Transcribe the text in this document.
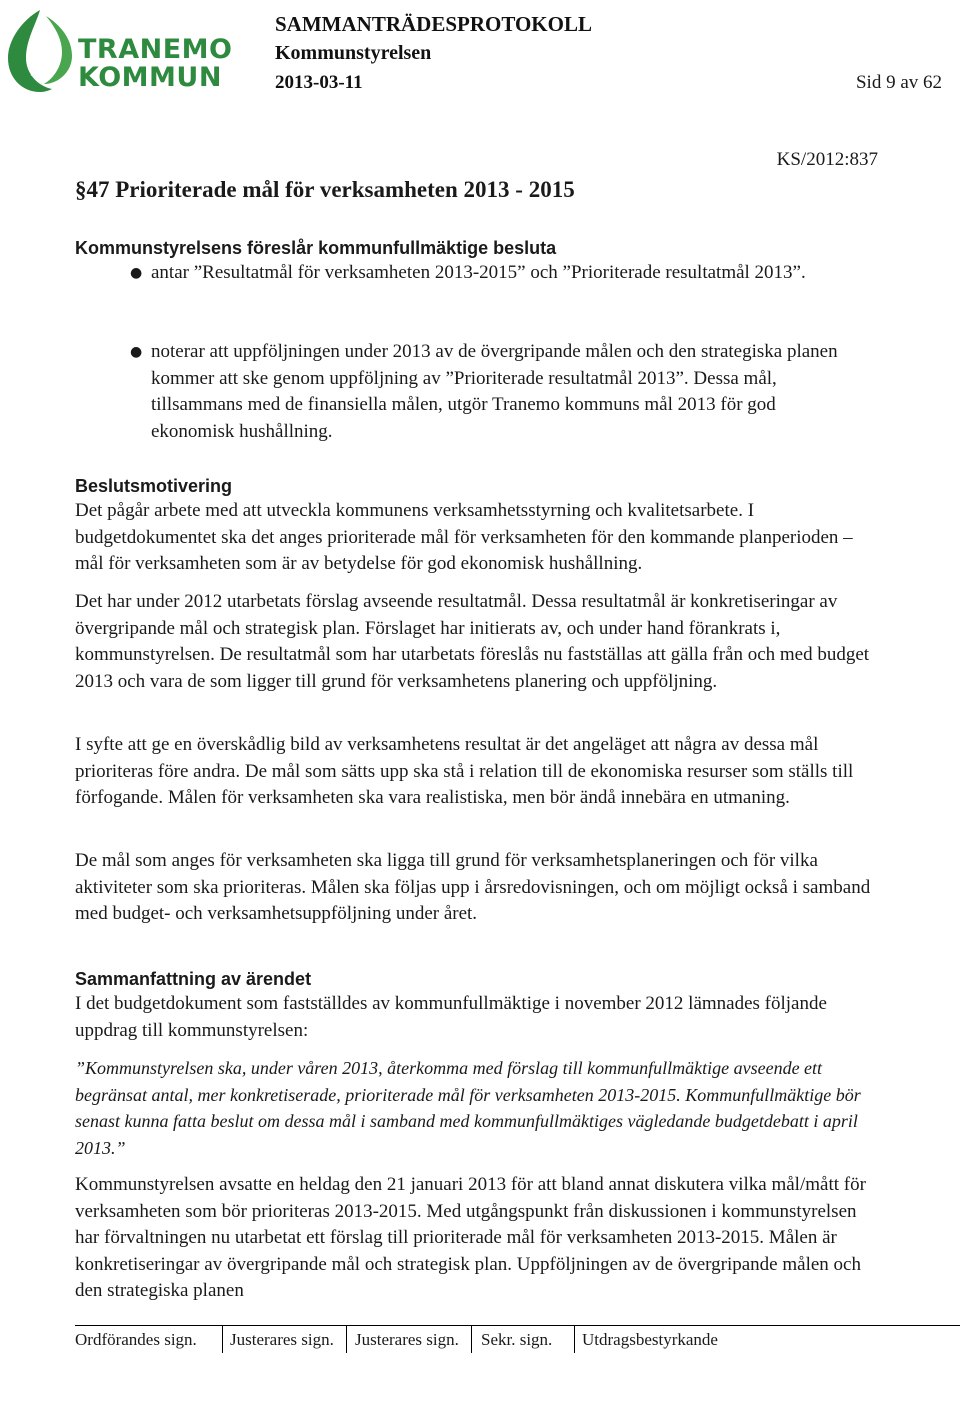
TRANEMO
KOMMUN
SAMMANTRÄDESPROTOKOLL
Kommunstyrelsen
2013-03-11	Sid 9 av 62
KS/2012:837
§47 Prioriterade mål för verksamheten 2013 - 2015
Kommunstyrelsens föreslår kommunfullmäktige besluta
● antar ”Resultatmål för verksamheten 2013-2015” och ”Prioriterade resultatmål 2013”.
● noterar att uppföljningen under 2013 av de övergripande målen och den strategiska planen kommer att ske genom uppföljning av ”Prioriterade resultatmål 2013”. Dessa mål, tillsammans med de finansiella målen, utgör Tranemo kommuns mål 2013 för god ekonomisk hushållning.
Beslutsmotivering
Det pågår arbete med att utveckla kommunens verksamhetsstyrning och kvalitetsarbete. I budgetdokumentet ska det anges prioriterade mål för verksamheten för den kommande planperioden – mål för verksamheten som är av betydelse för god ekonomisk hushållning.
Det har under 2012 utarbetats förslag avseende resultatmål. Dessa resultatmål är konkretiseringar av övergripande mål och strategisk plan. Förslaget har initierats av, och under hand förankrats i, kommunstyrelsen. De resultatmål som har utarbetats föreslås nu fastställas att gälla från och med budget 2013 och vara de som ligger till grund för verksamhetens planering och uppföljning.
I syfte att ge en överskådlig bild av verksamhetens resultat är det angeläget att några av dessa mål prioriteras före andra. De mål som sätts upp ska stå i relation till de ekonomiska resurser som ställs till förfogande. Målen för verksamheten ska vara realistiska, men bör ändå innebära en utmaning.
De mål som anges för verksamheten ska ligga till grund för verksamhetsplaneringen och för vilka aktiviteter som ska prioriteras. Målen ska följas upp i årsredovisningen, och om möjligt också i samband med budget- och verksamhetsuppföljning under året.
Sammanfattning av ärendet
I det budgetdokument som fastställdes av kommunfullmäktige i november 2012 lämnades följande uppdrag till kommunstyrelsen:
”Kommunstyrelsen ska, under våren 2013, återkomma med förslag till kommunfullmäktige avseende ett begränsat antal, mer konkretiserade, prioriterade mål för verksamheten 2013-2015. Kommunfullmäktige bör senast kunna fatta beslut om dessa mål i samband med kommunfullmäktiges vägledande budgetdebatt i april 2013.”
Kommunstyrelsen avsatte en heldag den 21 januari 2013 för att bland annat diskutera vilka mål/mått för verksamheten som bör prioriteras 2013-2015. Med utgångspunkt från diskussionen i kommunstyrelsen har förvaltningen nu utarbetat ett förslag till prioriterade mål för verksamheten 2013-2015. Målen är konkretiseringar av övergripande mål och strategisk plan. Uppföljningen av de övergripande målen och den strategiska planen
Ordförandes sign. Justerares sign. Justerares sign. Sekr. sign. Utdragsbestyrkande
